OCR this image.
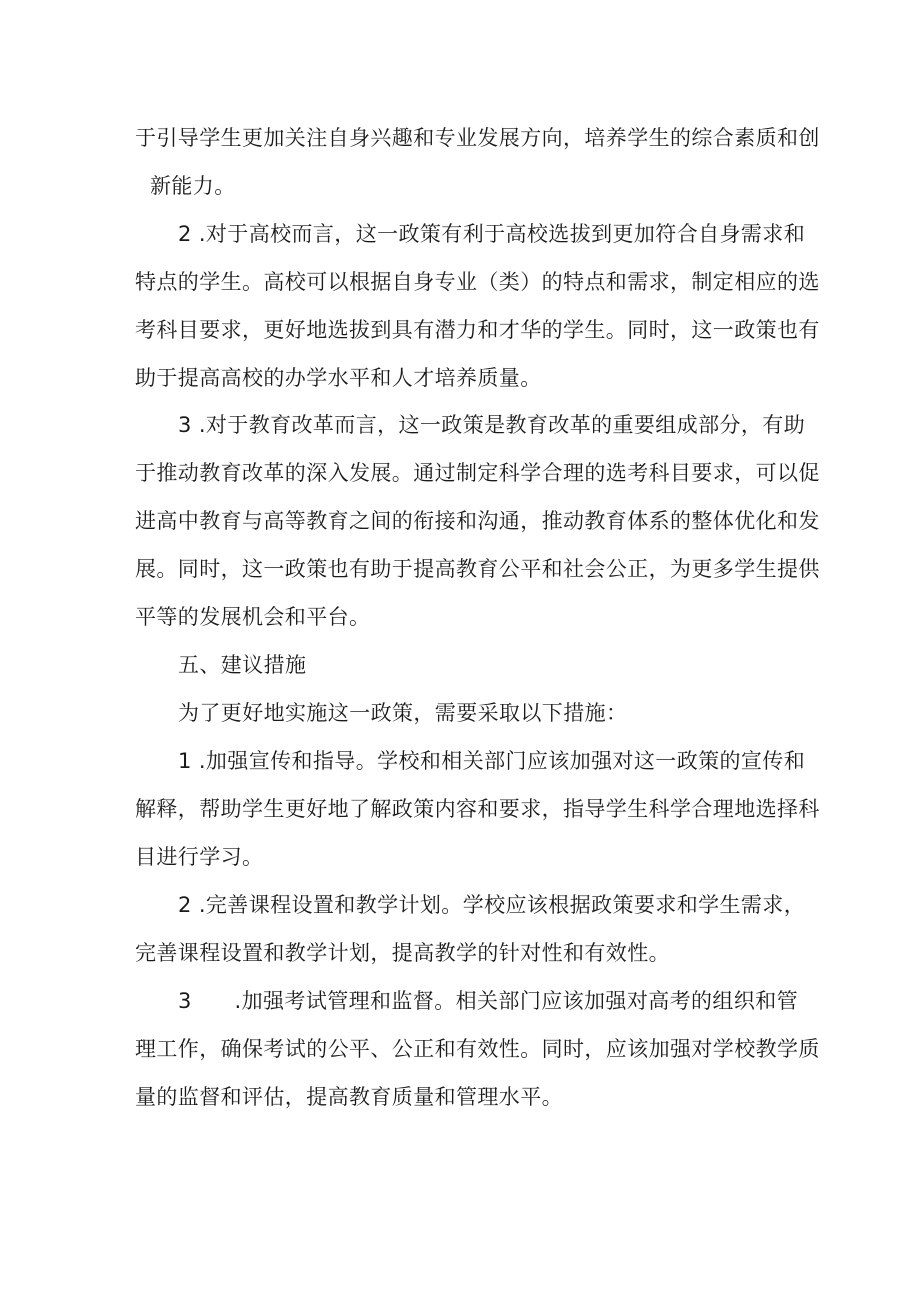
于引导学生更加关注自身兴趣和专业发展方向，培养学生的综合素质和创
新能力。
2 .对于高校而言，这一政策有利于高校选拔到更加符合自身需求和
特点的学生。高校可以根据自身专业（类）的特点和需求，制定相应的选
考科目要求，更好地选拔到具有潜力和才华的学生。同时，这一政策也有
助于提高高校的办学水平和人才培养质量。
3 .对于教育改革而言，这一政策是教育改革的重要组成部分，有助
于推动教育改革的深入发展。通过制定科学合理的选考科目要求，可以促
进高中教育与高等教育之间的衔接和沟通，推动教育体系的整体优化和发
展。同时，这一政策也有助于提高教育公平和社会公正，为更多学生提供
平等的发展机会和平台。
五、建议措施
为了更好地实施这一政策，需要采取以下措施：
1 .加强宣传和指导。学校和相关部门应该加强对这一政策的宣传和
解释，帮助学生更好地了解政策内容和要求，指导学生科学合理地选择科
目进行学习。
2 .完善课程设置和教学计划。学校应该根据政策要求和学生需求，
完善课程设置和教学计划，提高教学的针对性和有效性。
3　　.加强考试管理和监督。相关部门应该加强对高考的组织和管
理工作，确保考试的公平、公正和有效性。同时，应该加强对学校教学质
量的监督和评估，提高教育质量和管理水平。
